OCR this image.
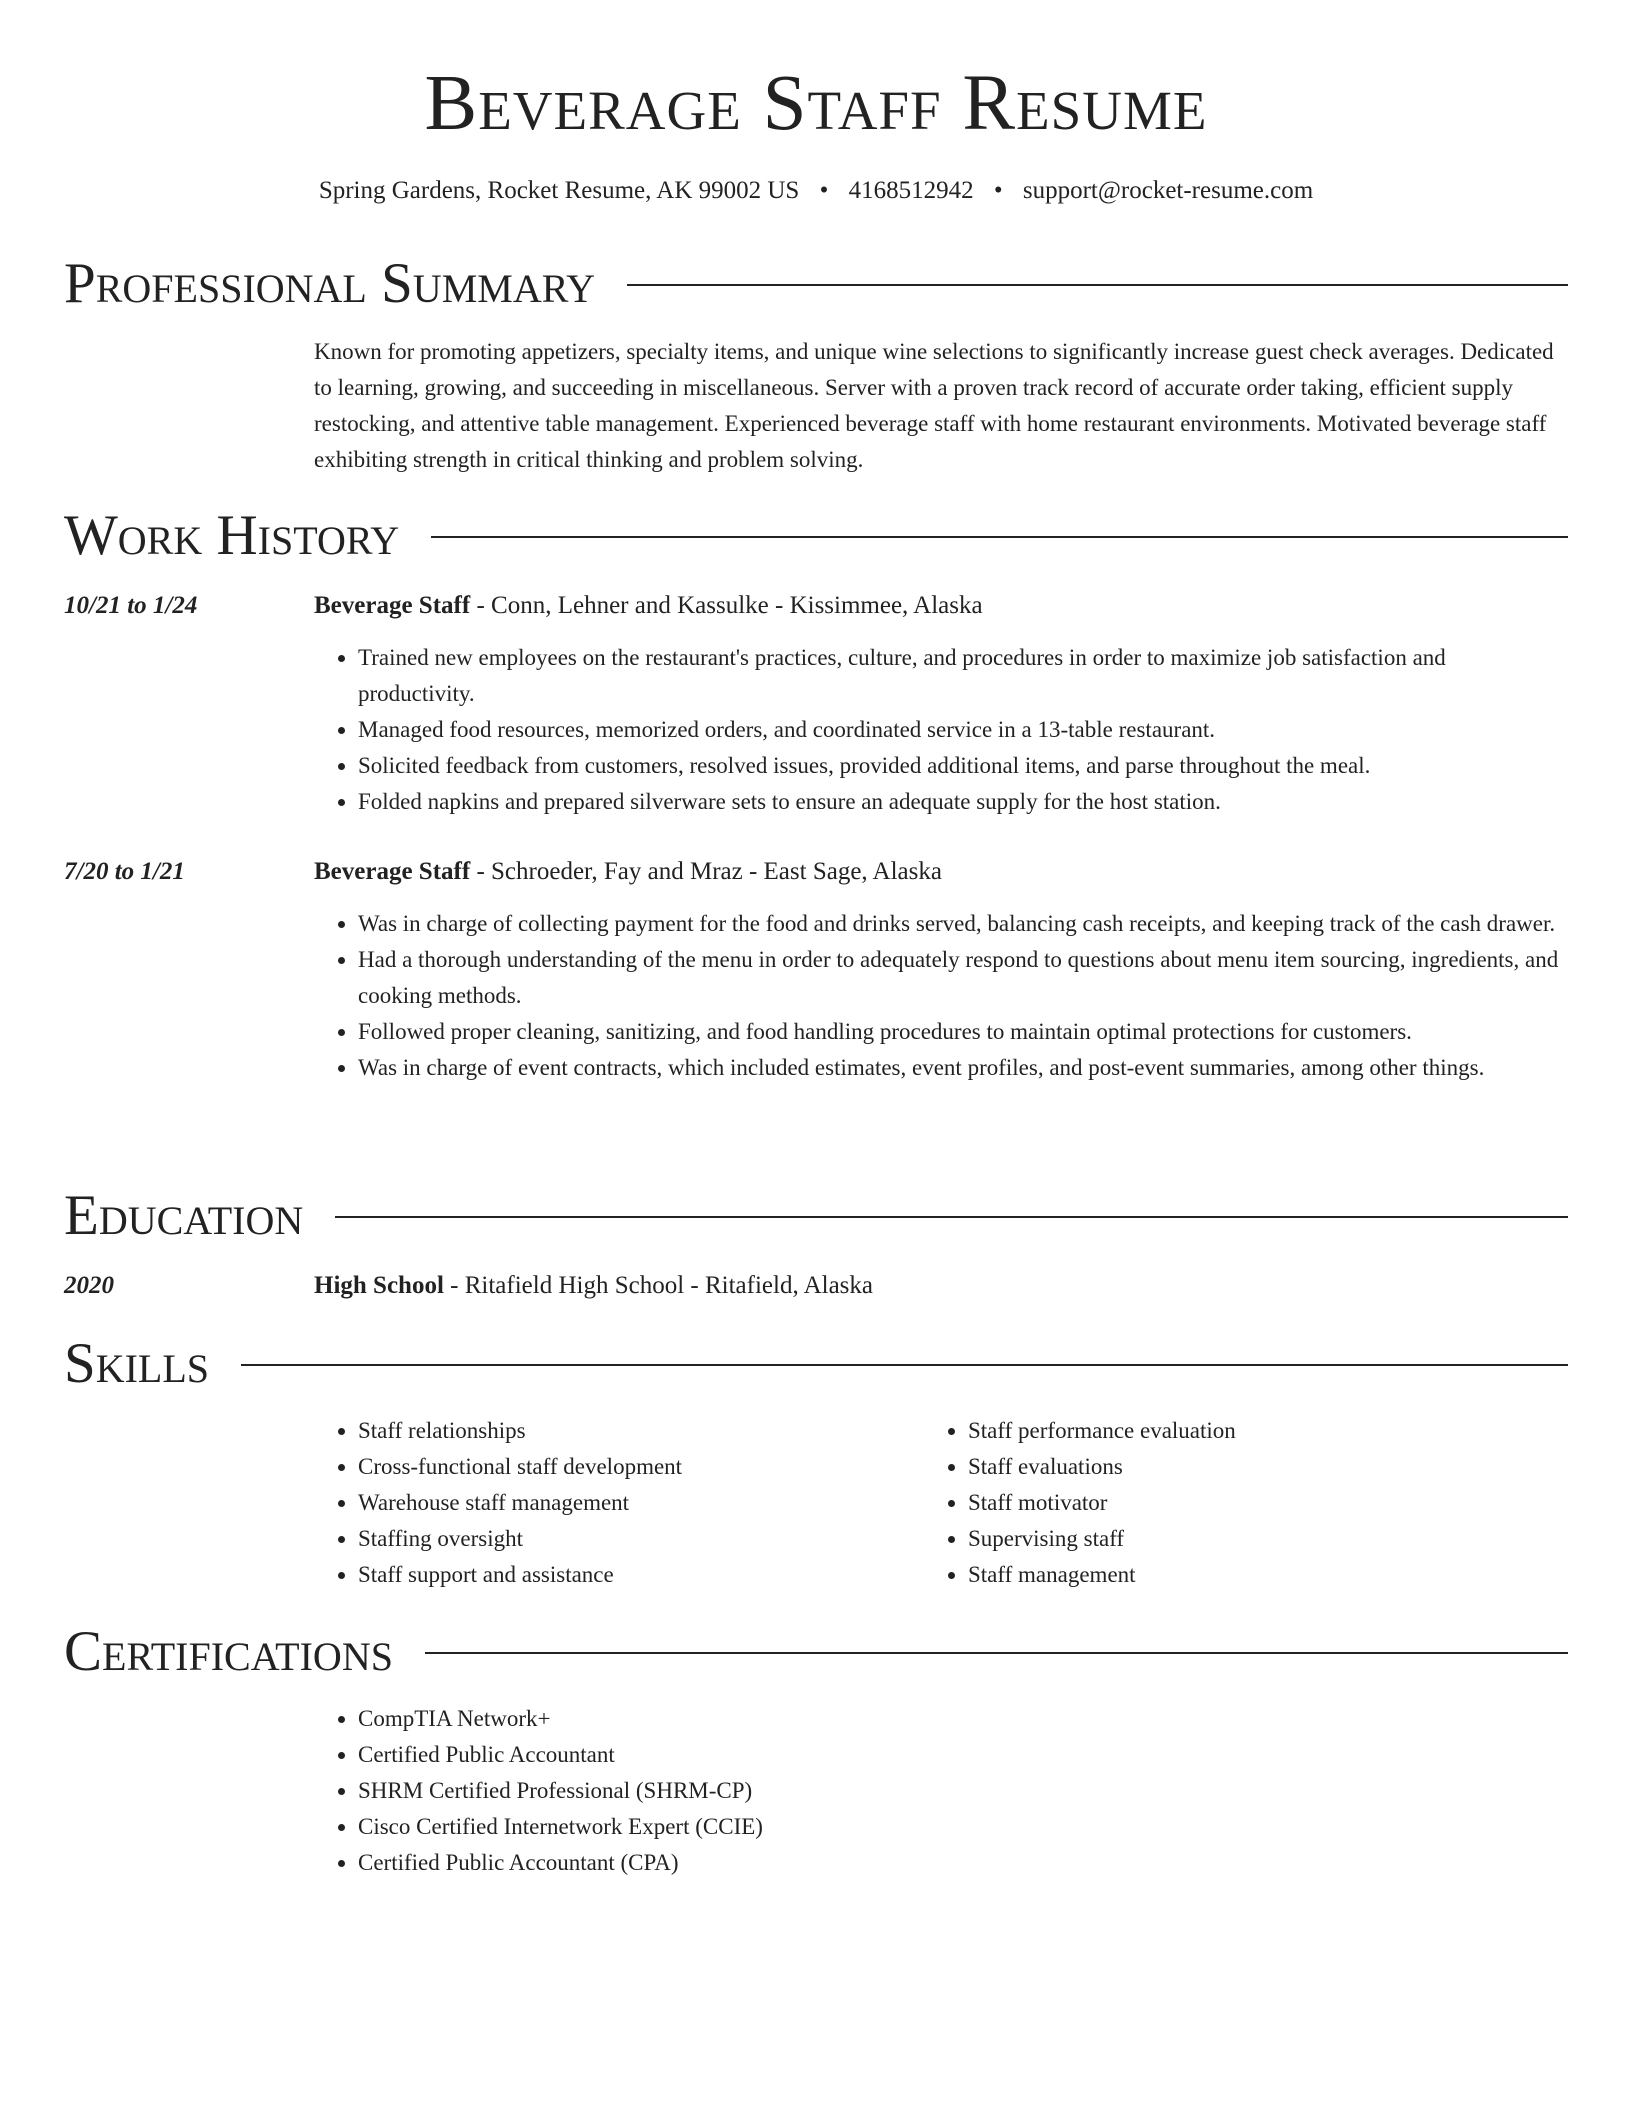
Beverage Staff Resume
Spring Gardens, Rocket Resume, AK 99002 US • 4168512942 • support@rocket-resume.com
Professional Summary
Known for promoting appetizers, specialty items, and unique wine selections to significantly increase guest check averages. Dedicated to learning, growing, and succeeding in miscellaneous. Server with a proven track record of accurate order taking, efficient supply restocking, and attentive table management. Experienced beverage staff with home restaurant environments. Motivated beverage staff exhibiting strength in critical thinking and problem solving.
Work History
10/21 to 1/24	Beverage Staff - Conn, Lehner and Kassulke - Kissimmee, Alaska
• Trained new employees on the restaurant's practices, culture, and procedures in order to maximize job satisfaction and productivity.
• Managed food resources, memorized orders, and coordinated service in a 13-table restaurant.
• Solicited feedback from customers, resolved issues, provided additional items, and parse throughout the meal.
• Folded napkins and prepared silverware sets to ensure an adequate supply for the host station.
7/20 to 1/21	Beverage Staff - Schroeder, Fay and Mraz - East Sage, Alaska
• Was in charge of collecting payment for the food and drinks served, balancing cash receipts, and keeping track of the cash drawer.
• Had a thorough understanding of the menu in order to adequately respond to questions about menu item sourcing, ingredients, and cooking methods.
• Followed proper cleaning, sanitizing, and food handling procedures to maintain optimal protections for customers.
• Was in charge of event contracts, which included estimates, event profiles, and post-event summaries, among other things.
Education
2020	High School - Ritafield High School - Ritafield, Alaska
Skills
• Staff relationships
• Cross-functional staff development
• Warehouse staff management
• Staffing oversight
• Staff support and assistance
• Staff performance evaluation
• Staff evaluations
• Staff motivator
• Supervising staff
• Staff management
Certifications
• CompTIA Network+
• Certified Public Accountant
• SHRM Certified Professional (SHRM-CP)
• Cisco Certified Internetwork Expert (CCIE)
• Certified Public Accountant (CPA)
